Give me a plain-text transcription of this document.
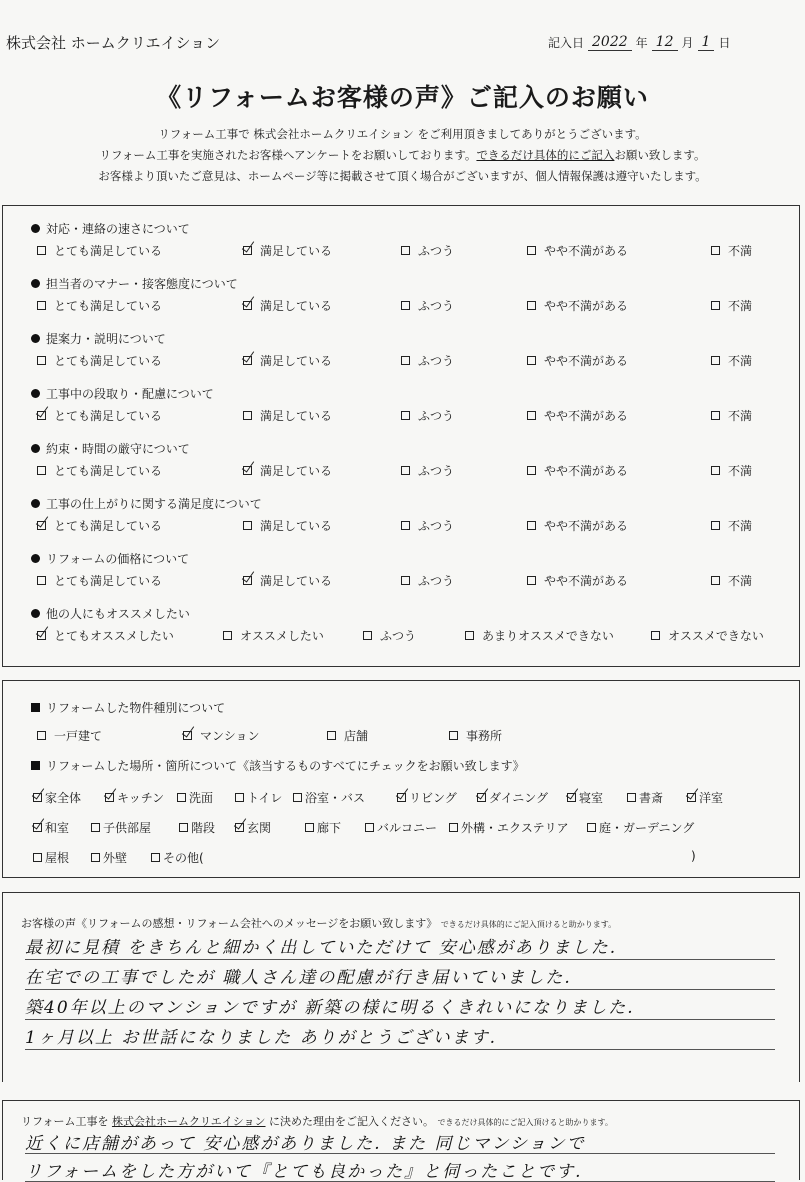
株式会社 ホームクリエイション	記入日 2022 年 12 月 1 日
《リフォームお客様の声》ご記入のお願い
リフォーム工事で 株式会社ホームクリエイション をご利用頂きましてありがとうございます。
リフォーム工事を実施されたお客様へアンケートをお願いしております。できるだけ具体的にご記入お願い致します。
お客様より頂いたご意見は、ホームページ等に掲載させて頂く場合がございますが、個人情報保護は遵守いたします。
対応・連絡の速さについて
とても満足している	満足している	ふつう	やや不満がある	不満
担当者のマナー・接客態度について
とても満足している	満足している	ふつう	やや不満がある	不満
提案力・説明について
とても満足している	満足している	ふつう	やや不満がある	不満
工事中の段取り・配慮について
とても満足している	満足している	ふつう	やや不満がある	不満
約束・時間の厳守について
とても満足している	満足している	ふつう	やや不満がある	不満
工事の仕上がりに関する満足度について
とても満足している	満足している	ふつう	やや不満がある	不満
リフォームの価格について
とても満足している	満足している	ふつう	やや不満がある	不満
他の人にもオススメしたい
とてもオススメしたい	オススメしたい	ふつう	あまりオススメできない	オススメできない
リフォームした物件種別について
一戸建て	マンション	店舗	事務所
リフォームした場所・箇所について《該当するものすべてにチェックをお願い致します》
家全体	キッチン 洗面	トイレ 浴室・バス	リビング	ダイニング	寝室	書斎	洋室
和室	子供部屋	階段	玄関	廊下	バルコニー 外構・エクステリア	庭・ガーデニング
屋根	外壁	その他(	)
お客様の声《リフォームの感想・リフォーム会社へのメッセージをお願い致します》 できるだけ具体的にご記入頂けると助かります。
最初に見積 をきちんと細かく出していただけて 安心感がありました.
在宅での工事でしたが 職人さん達の配慮が行き届いていました.
築40年以上のマンションですが 新築の様に明るくきれいになりました.
1ヶ月以上 お世話になりました ありがとうございます.
リフォーム工事を 株式会社ホームクリエイション に決めた理由をご記入ください。 できるだけ具体的にご記入頂けると助かります。
近くに店舗があって 安心感がありました. また 同じマンションで
リフォームをした方がいて『とても良かった』と伺ったことです.
